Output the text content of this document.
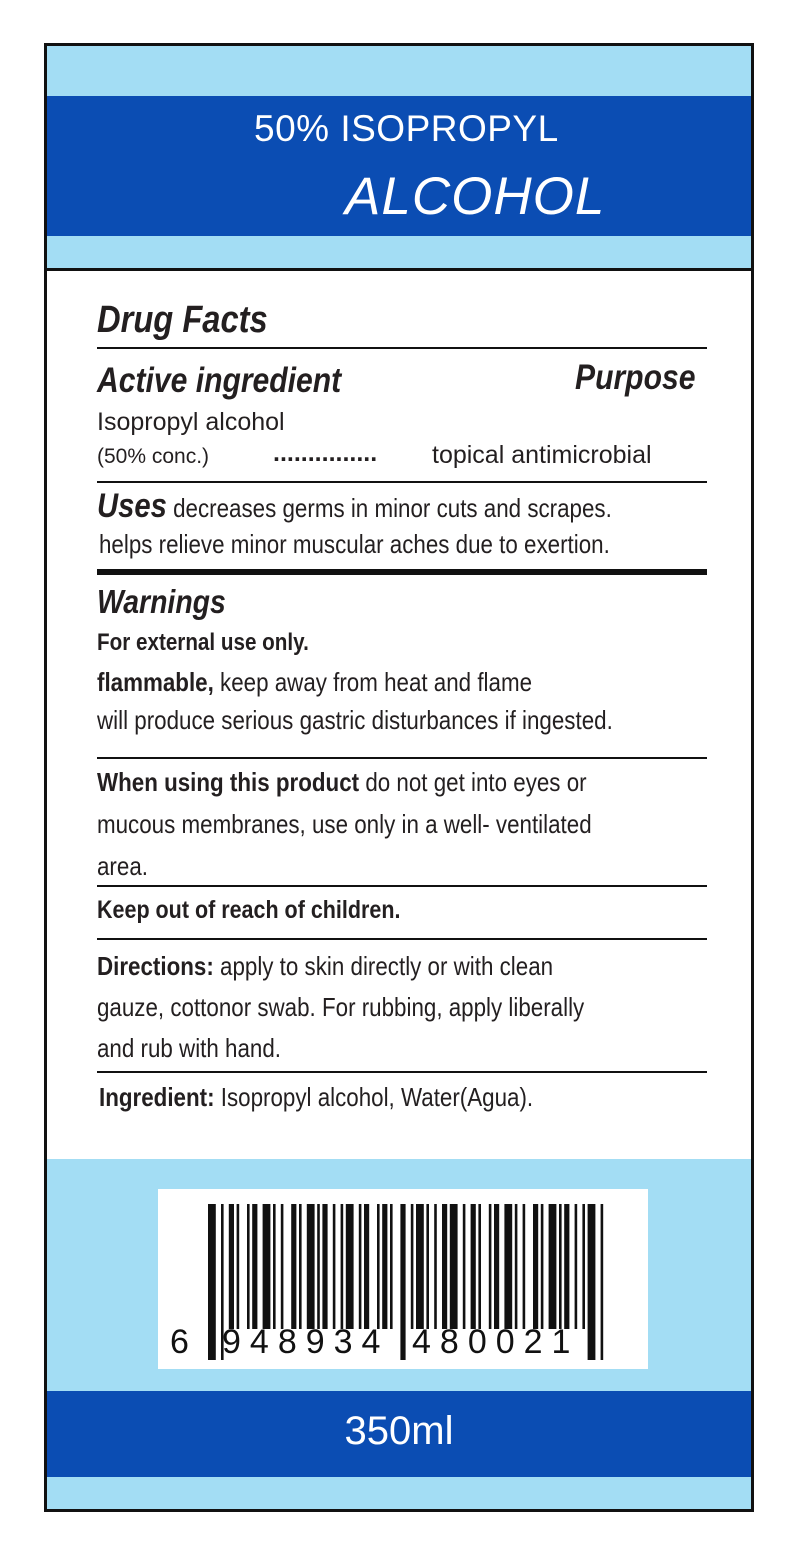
50% ISOPROPYL
ALCOHOL
Drug Facts
Active ingredient	Purpose
Isopropyl alcohol
(50% conc.)	............... topical antimicrobial
Uses decreases germs in minor cuts and scrapes.
helps relieve minor muscular aches due to exertion.
Warnings
For external use only.
flammable, keep away from heat and flame
will produce serious gastric disturbances if ingested.
When using this product do not get into eyes or
mucous membranes, use only in a well- ventilated
area.
Keep out of reach of children.
Directions: apply to skin directly or with clean
gauze, cottonor swab. For rubbing, apply liberally
and rub with hand.
Ingredient: Isopropyl alcohol, Water(Agua).
6 948934 480021
350ml
